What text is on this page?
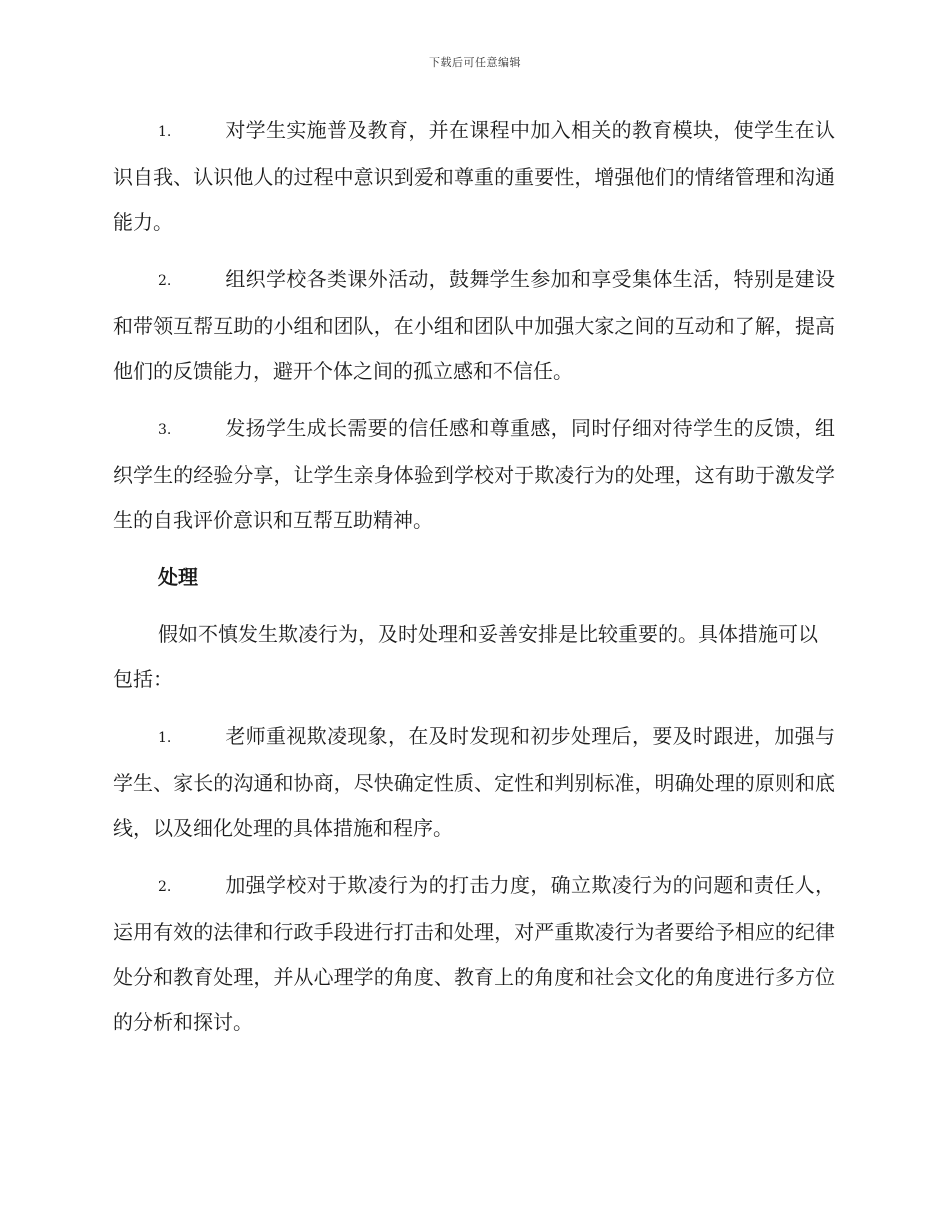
下载后可任意编辑

1.	对学生实施普及教育，并在课程中加入相关的教育模块，使学生在认识自我、认识他人的过程中意识到爱和尊重的重要性，增强他们的情绪管理和沟通能力。

2.	组织学校各类课外活动，鼓舞学生参加和享受集体生活，特别是建设和带领互帮互助的小组和团队，在小组和团队中加强大家之间的互动和了解，提高他们的反馈能力，避开个体之间的孤立感和不信任。

3.	发扬学生成长需要的信任感和尊重感，同时仔细对待学生的反馈，组织学生的经验分享，让学生亲身体验到学校对于欺凌行为的处理，这有助于激发学生的自我评价意识和互帮互助精神。

处理

假如不慎发生欺凌行为，及时处理和妥善安排是比较重要的。具体措施可以包括：

1.	老师重视欺凌现象，在及时发现和初步处理后，要及时跟进，加强与学生、家长的沟通和协商，尽快确定性质、定性和判别标准，明确处理的原则和底线，以及细化处理的具体措施和程序。

2.	加强学校对于欺凌行为的打击力度，确立欺凌行为的问题和责任人，运用有效的法律和行政手段进行打击和处理，对严重欺凌行为者要给予相应的纪律处分和教育处理，并从心理学的角度、教育上的角度和社会文化的角度进行多方位的分析和探讨。
